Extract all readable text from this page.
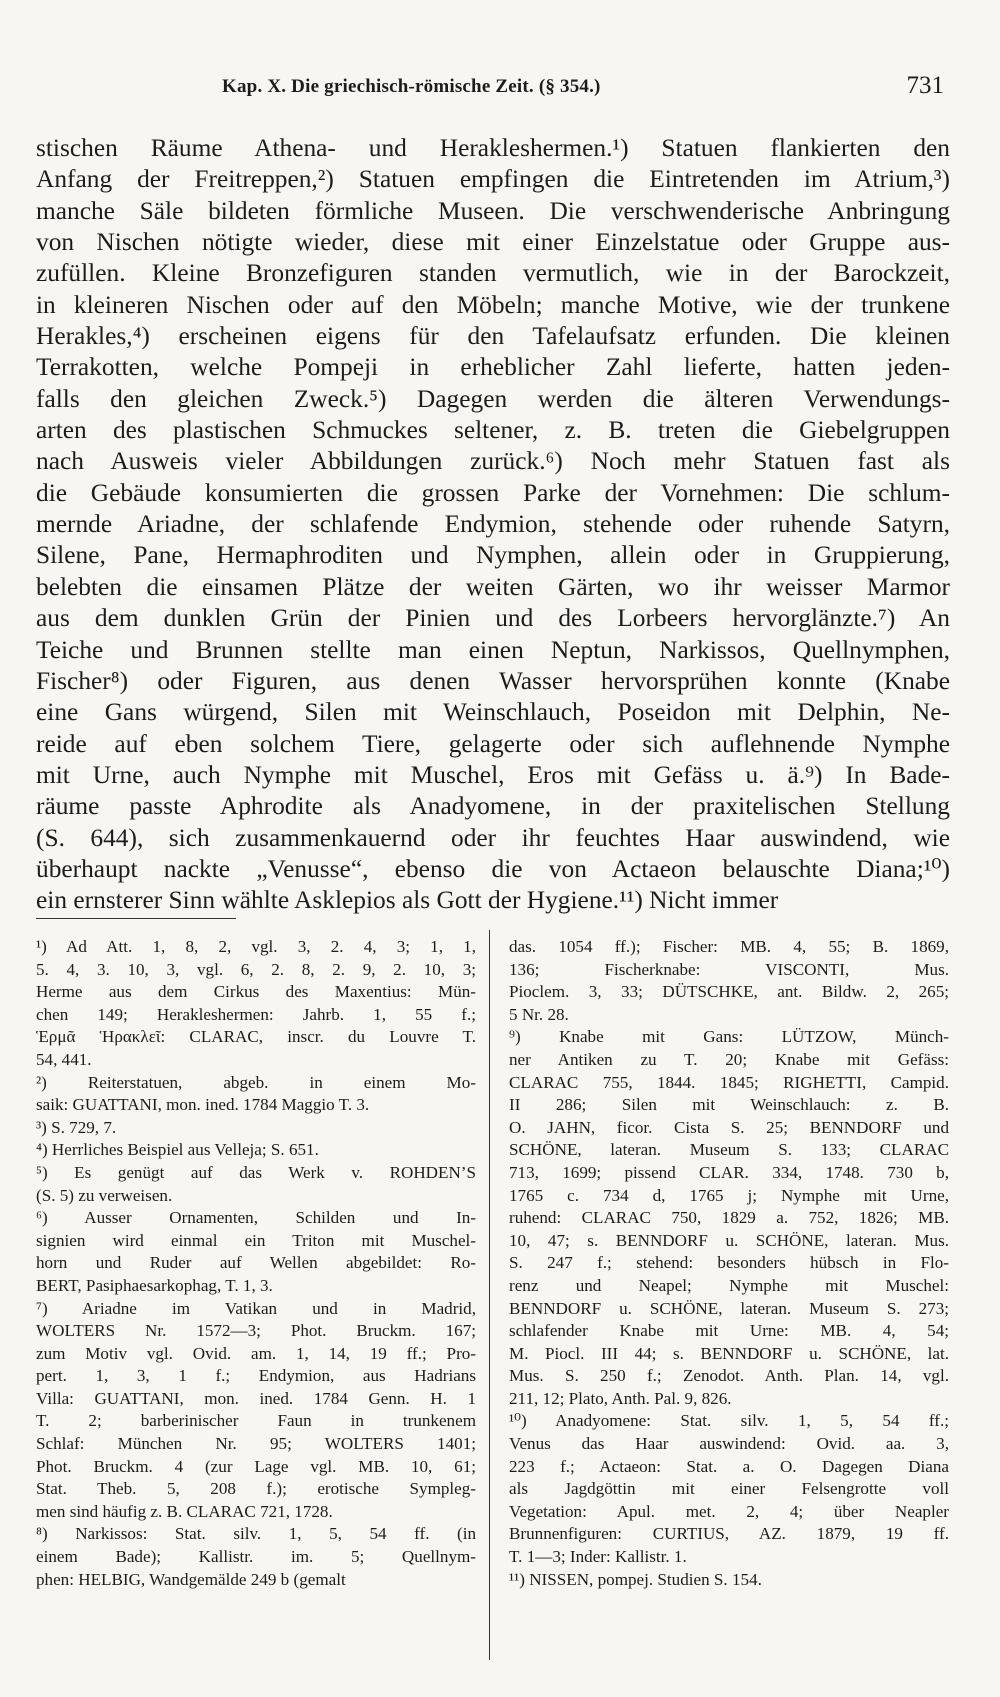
Kap. X. Die griechisch-römische Zeit. (§ 354.)	731
stischen Räume Athena- und Herakleshermen.¹) Statuen flankierten den
Anfang der Freitreppen,²) Statuen empfingen die Eintretenden im Atrium,³)
manche Säle bildeten förmliche Museen. Die verschwenderische Anbringung
von Nischen nötigte wieder, diese mit einer Einzelstatue oder Gruppe aus-
zufüllen. Kleine Bronzefiguren standen vermutlich, wie in der Barockzeit,
in kleineren Nischen oder auf den Möbeln; manche Motive, wie der trunkene
Herakles,⁴) erscheinen eigens für den Tafelaufsatz erfunden. Die kleinen
Terrakotten, welche Pompeji in erheblicher Zahl lieferte, hatten jeden-
falls den gleichen Zweck.⁵) Dagegen werden die älteren Verwendungs-
arten des plastischen Schmuckes seltener, z. B. treten die Giebelgruppen
nach Ausweis vieler Abbildungen zurück.⁶) Noch mehr Statuen fast als
die Gebäude konsumierten die grossen Parke der Vornehmen: Die schlum-
mernde Ariadne, der schlafende Endymion, stehende oder ruhende Satyrn,
Silene, Pane, Hermaphroditen und Nymphen, allein oder in Gruppierung,
belebten die einsamen Plätze der weiten Gärten, wo ihr weisser Marmor
aus dem dunklen Grün der Pinien und des Lorbeers hervorglänzte.⁷) An
Teiche und Brunnen stellte man einen Neptun, Narkissos, Quellnymphen,
Fischer⁸) oder Figuren, aus denen Wasser hervorsprühen konnte (Knabe
eine Gans würgend, Silen mit Weinschlauch, Poseidon mit Delphin, Ne-
reide auf eben solchem Tiere, gelagerte oder sich auflehnende Nymphe
mit Urne, auch Nymphe mit Muschel, Eros mit Gefäss u. ä.⁹) In Bade-
räume passte Aphrodite als Anadyomene, in der praxitelischen Stellung
(S. 644), sich zusammenkauernd oder ihr feuchtes Haar auswindend, wie
überhaupt nackte „Venusse“, ebenso die von Actaeon belauschte Diana;¹⁰)
ein ernsterer Sinn wählte Asklepios als Gott der Hygiene.¹¹) Nicht immer
¹) Ad Att. 1, 8, 2, vgl. 3, 2. 4, 3; 1, 1,
5. 4, 3. 10, 3, vgl. 6, 2. 8, 2. 9, 2. 10, 3;
Herme aus dem Cirkus des Maxentius: Mün-
chen 149; Herakleshermen: Jahrb. 1, 55 f.;
Ἑρμᾶ Ἡρακλεῖ: CLARAC, inscr. du Louvre T.
54, 441.
²) Reiterstatuen, abgeb. in einem Mo-
saik: GUATTANI, mon. ined. 1784 Maggio T. 3.
³) S. 729, 7.
⁴) Herrliches Beispiel aus Velleja; S. 651.
⁵) Es genügt auf das Werk v. ROHDEN’S
(S. 5) zu verweisen.
⁶) Ausser Ornamenten, Schilden und In-
signien wird einmal ein Triton mit Muschel-
horn und Ruder auf Wellen abgebildet: Ro-
BERT, Pasiphaesarkophag, T. 1, 3.
⁷) Ariadne im Vatikan und in Madrid,
WOLTERS Nr. 1572—3; Phot. Bruckm. 167;
zum Motiv vgl. Ovid. am. 1, 14, 19 ff.; Pro-
pert. 1, 3, 1 f.; Endymion, aus Hadrians
Villa: GUATTANI, mon. ined. 1784 Genn. H. 1
T. 2; barberinischer Faun in trunkenem
Schlaf: München Nr. 95; WOLTERS 1401;
Phot. Bruckm. 4 (zur Lage vgl. MB. 10, 61;
Stat. Theb. 5, 208 f.); erotische Sympleg-
men sind häufig z. B. CLARAC 721, 1728.
⁸) Narkissos: Stat. silv. 1, 5, 54 ff. (in
einem Bade); Kallistr. im. 5; Quellnym-
phen: HELBIG, Wandgemälde 249 b (gemalt
das. 1054 ff.); Fischer: MB. 4, 55; B. 1869,
136; Fischerknabe: VISCONTI, Mus.
Pioclem. 3, 33; DÜTSCHKE, ant. Bildw. 2, 265;
5 Nr. 28.
⁹) Knabe mit Gans: LÜTZOW, Münch-
ner Antiken zu T. 20; Knabe mit Gefäss:
CLARAC 755, 1844. 1845; RIGHETTI, Campid.
II 286; Silen mit Weinschlauch: z. B.
O. JAHN, ficor. Cista S. 25; BENNDORF und
SCHÖNE, lateran. Museum S. 133; CLARAC
713, 1699; pissend CLAR. 334, 1748. 730 b,
1765 c. 734 d, 1765 j; Nymphe mit Urne,
ruhend: CLARAC 750, 1829 a. 752, 1826; MB.
10, 47; s. BENNDORF u. SCHÖNE, lateran. Mus.
S. 247 f.; stehend: besonders hübsch in Flo-
renz und Neapel; Nymphe mit Muschel:
BENNDORF u. SCHÖNE, lateran. Museum S. 273;
schlafender Knabe mit Urne: MB. 4, 54;
M. Piocl. III 44; s. BENNDORF u. SCHÖNE, lat.
Mus. S. 250 f.; Zenodot. Anth. Plan. 14, vgl.
211, 12; Plato, Anth. Pal. 9, 826.
¹⁰) Anadyomene: Stat. silv. 1, 5, 54 ff.;
Venus das Haar auswindend: Ovid. aa. 3,
223 f.; Actaeon: Stat. a. O. Dagegen Diana
als Jagdgöttin mit einer Felsengrotte voll
Vegetation: Apul. met. 2, 4; über Neapler
Brunnenfiguren: CURTIUS, AZ. 1879, 19 ff.
T. 1—3; Inder: Kallistr. 1.
¹¹) NISSEN, pompej. Studien S. 154.
